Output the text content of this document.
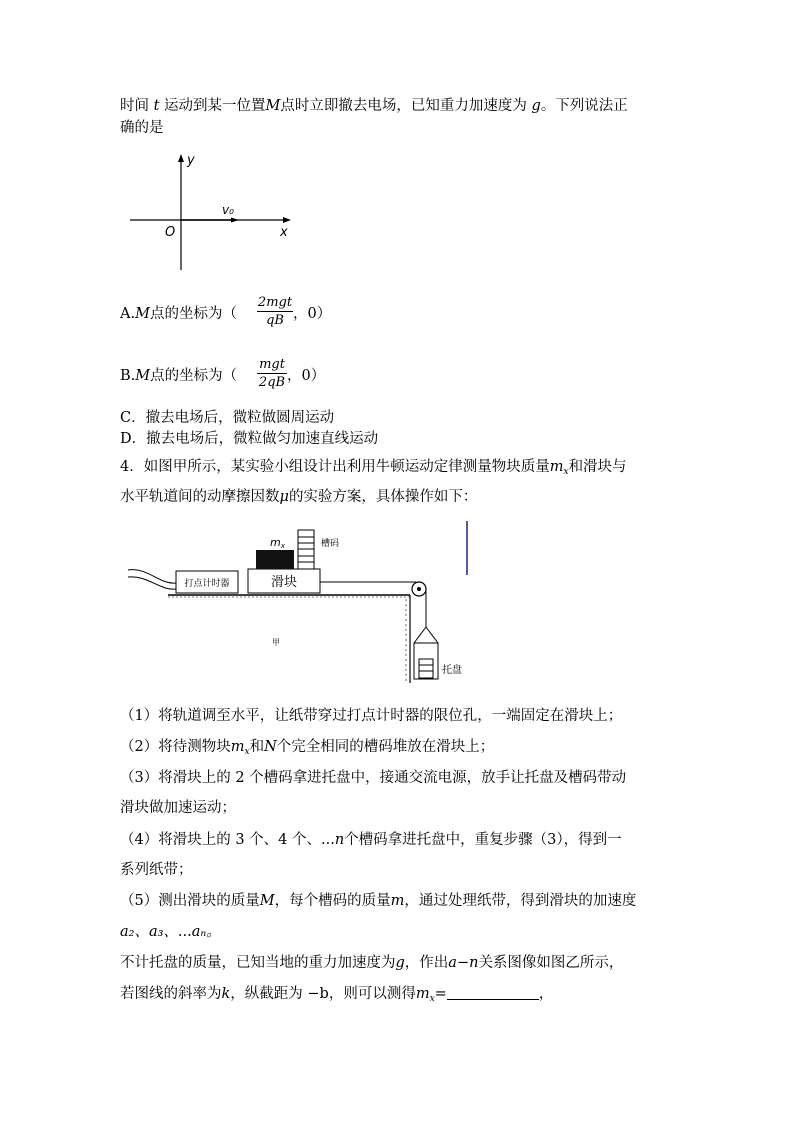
时间 t 运动到某一位置M点时立即撤去电场，已知重力加速度为 g。下列说法正
确的是
y
x
O
v₀
A.M点的坐标为（
2mgt
qB ，0）
B.M点的坐标为（
mgt
2qB ，0）
C．撤去电场后，微粒做圆周运动
D．撤去电场后，微粒做匀加速直线运动
4．如图甲所示，某实验小组设计出利用牛顿运动定律测量物块质量$m_x$和滑块与
水平轨道间的动摩擦因数μ的实验方案，具体操作如下：
打点计时器	滑块
mx	槽码
托盘
甲
（1）将轨道调至水平，让纸带穿过打点计时器的限位孔，一端固定在滑块上；
（2）将待测物块$m_x$和N个完全相同的槽码堆放在滑块上；
（3）将滑块上的 2 个槽码拿进托盘中，接通交流电源，放手让托盘及槽码带动
滑块做加速运动；
（4）将滑块上的 3 个、4 个、...n个槽码拿进托盘中，重复步骤（3），得到一
系列纸带；
（5）测出滑块的质量M，每个槽码的质量m，通过处理纸带，得到滑块的加速度
a₂、a₃、...aₙ。
不计托盘的质量，已知当地的重力加速度为g，作出a−n关系图像如图乙所示，
若图线的斜率为k，纵截距为 −b，则可以测得$m_x=$	，
